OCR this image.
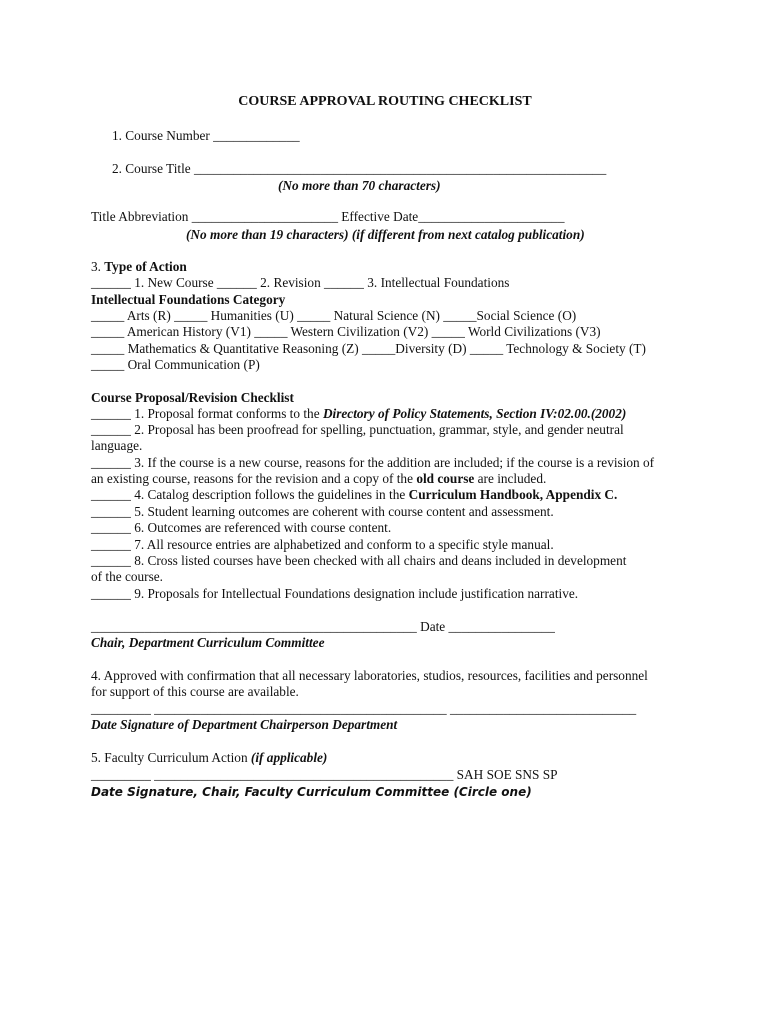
COURSE APPROVAL ROUTING CHECKLIST
1. Course Number _____________
2. Course Title ______________________________________________________________
(No more than 70 characters)
Title Abbreviation ______________________ Effective Date______________________
(No more than 19 characters) (if different from next catalog publication)
3. Type of Action
______ 1. New Course ______ 2. Revision ______ 3. Intellectual Foundations
Intellectual Foundations Category
_____ Arts (R) _____ Humanities (U) _____ Natural Science (N) _____Social Science (O)
_____ American History (V1) _____ Western Civilization (V2) _____ World Civilizations (V3)
_____ Mathematics & Quantitative Reasoning (Z) _____Diversity (D) _____ Technology & Society (T)
_____ Oral Communication (P)
Course Proposal/Revision Checklist
______ 1. Proposal format conforms to the Directory of Policy Statements, Section IV:02.00.(2002)
______ 2. Proposal has been proofread for spelling, punctuation, grammar, style, and gender neutral
language.
______ 3. If the course is a new course, reasons for the addition are included; if the course is a revision of
an existing course, reasons for the revision and a copy of the old course are included.
______ 4. Catalog description follows the guidelines in the Curriculum Handbook, Appendix C.
______ 5. Student learning outcomes are coherent with course content and assessment.
______ 6. Outcomes are referenced with course content.
______ 7. All resource entries are alphabetized and conform to a specific style manual.
______ 8. Cross listed courses have been checked with all chairs and deans included in development
of the course.
______ 9. Proposals for Intellectual Foundations designation include justification narrative.
_________________________________________________ Date ________________
Chair, Department Curriculum Committee
4. Approved with confirmation that all necessary laboratories, studios, resources, facilities and personnel
for support of this course are available.
_________ ____________________________________________ ____________________________
Date Signature of Department Chairperson Department
5. Faculty Curriculum Action (if applicable)
_________ _____________________________________________ SAH SOE SNS SP
Date Signature, Chair, Faculty Curriculum Committee (Circle one)
